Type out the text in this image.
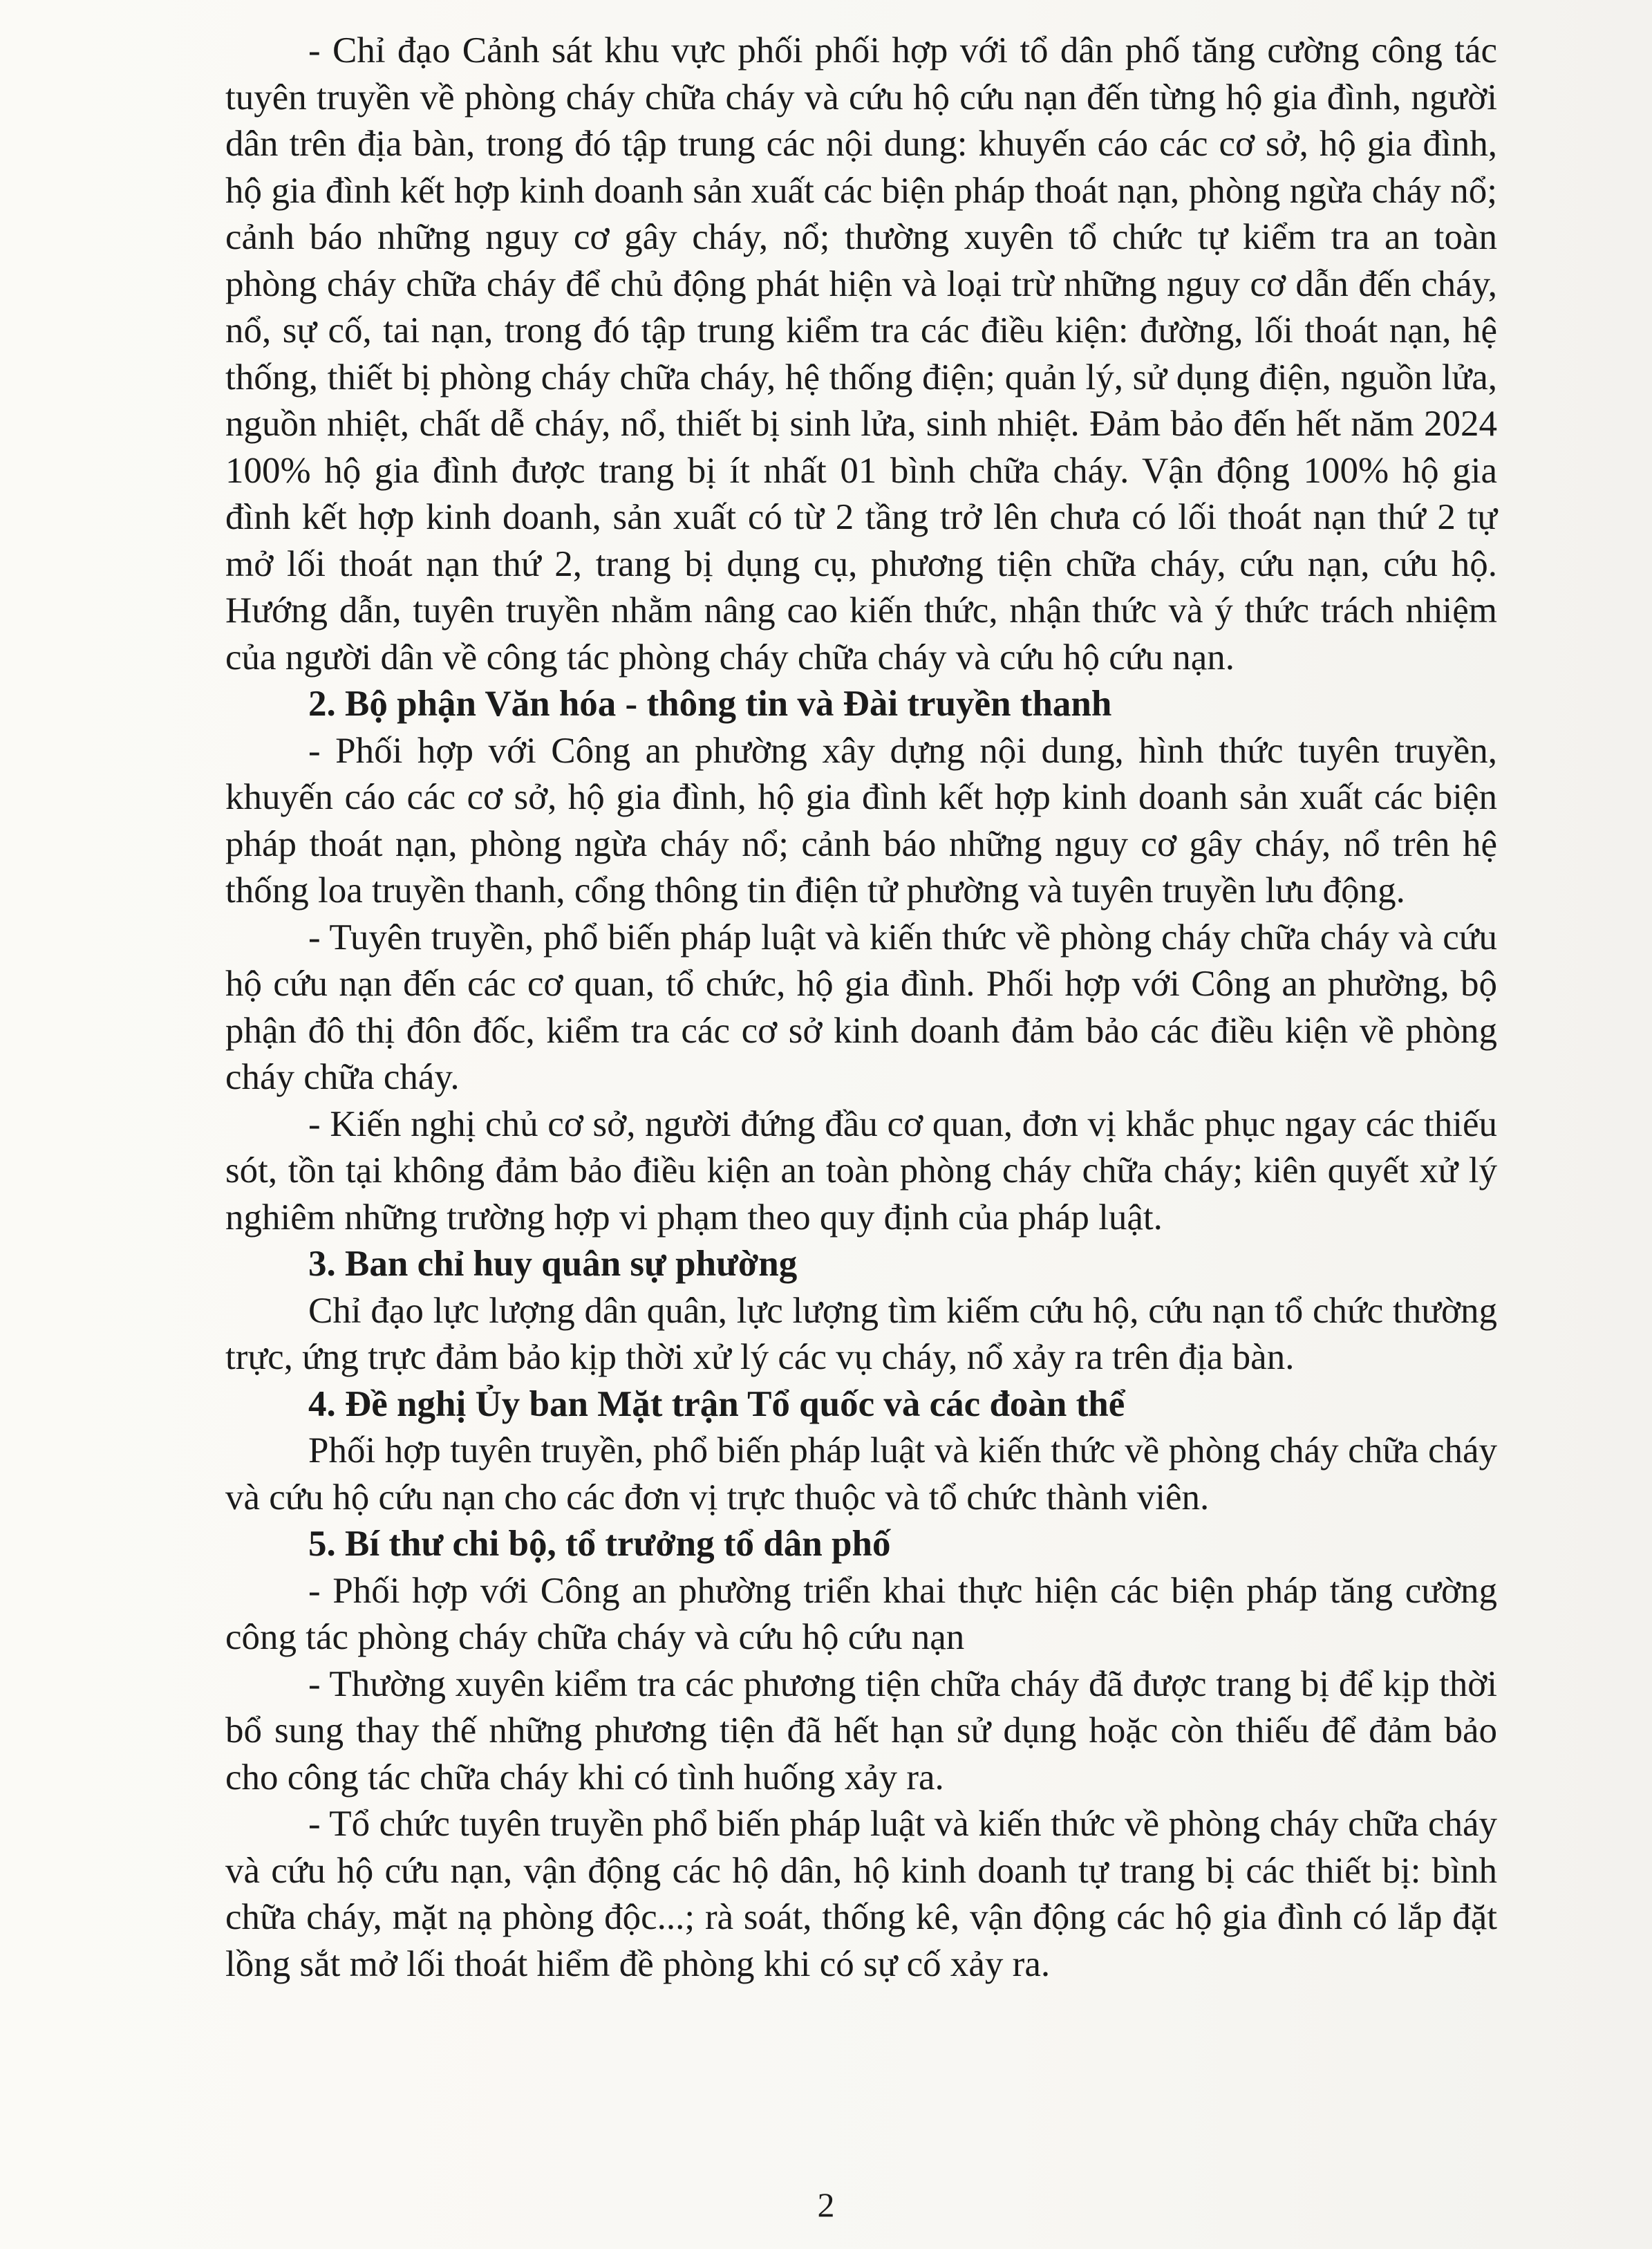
- Chỉ đạo Cảnh sát khu vực phối phối hợp với tổ dân phố tăng cường công tác tuyên truyền về phòng cháy chữa cháy và cứu hộ cứu nạn đến từng hộ gia đình, người dân trên địa bàn, trong đó tập trung các nội dung: khuyến cáo các cơ sở, hộ gia đình, hộ gia đình kết hợp kinh doanh sản xuất các biện pháp thoát nạn, phòng ngừa cháy nổ; cảnh báo những nguy cơ gây cháy, nổ; thường xuyên tổ chức tự kiểm tra an toàn phòng cháy chữa cháy để chủ động phát hiện và loại trừ những nguy cơ dẫn đến cháy, nổ, sự cố, tai nạn, trong đó tập trung kiểm tra các điều kiện: đường, lối thoát nạn, hệ thống, thiết bị phòng cháy chữa cháy, hệ thống điện; quản lý, sử dụng điện, nguồn lửa, nguồn nhiệt, chất dễ cháy, nổ, thiết bị sinh lửa, sinh nhiệt. Đảm bảo đến hết năm 2024 100% hộ gia đình được trang bị ít nhất 01 bình chữa cháy. Vận động 100% hộ gia đình kết hợp kinh doanh, sản xuất có từ 2 tầng trở lên chưa có lối thoát nạn thứ 2 tự mở lối thoát nạn thứ 2, trang bị dụng cụ, phương tiện chữa cháy, cứu nạn, cứu hộ. Hướng dẫn, tuyên truyền nhằm nâng cao kiến thức, nhận thức và ý thức trách nhiệm của người dân về công tác phòng cháy chữa cháy và cứu hộ cứu nạn.

2. Bộ phận Văn hóa - thông tin và Đài truyền thanh

- Phối hợp với Công an phường xây dựng nội dung, hình thức tuyên truyền, khuyến cáo các cơ sở, hộ gia đình, hộ gia đình kết hợp kinh doanh sản xuất các biện pháp thoát nạn, phòng ngừa cháy nổ; cảnh báo những nguy cơ gây cháy, nổ trên hệ thống loa truyền thanh, cổng thông tin điện tử phường và tuyên truyền lưu động.

- Tuyên truyền, phổ biến pháp luật và kiến thức về phòng cháy chữa cháy và cứu hộ cứu nạn đến các cơ quan, tổ chức, hộ gia đình. Phối hợp với Công an phường, bộ phận đô thị đôn đốc, kiểm tra các cơ sở kinh doanh đảm bảo các điều kiện về phòng cháy chữa cháy.

- Kiến nghị chủ cơ sở, người đứng đầu cơ quan, đơn vị khắc phục ngay các thiếu sót, tồn tại không đảm bảo điều kiện an toàn phòng cháy chữa cháy; kiên quyết xử lý nghiêm những trường hợp vi phạm theo quy định của pháp luật.

3. Ban chỉ huy quân sự phường

Chỉ đạo lực lượng dân quân, lực lượng tìm kiếm cứu hộ, cứu nạn tổ chức thường trực, ứng trực đảm bảo kịp thời xử lý các vụ cháy, nổ xảy ra trên địa bàn.

4. Đề nghị Ủy ban Mặt trận Tổ quốc và các đoàn thể

Phối hợp tuyên truyền, phổ biến pháp luật và kiến thức về phòng cháy chữa cháy và cứu hộ cứu nạn cho các đơn vị trực thuộc và tổ chức thành viên.

5. Bí thư chi bộ, tổ trưởng tổ dân phố

- Phối hợp với Công an phường triển khai thực hiện các biện pháp tăng cường công tác phòng cháy chữa cháy và cứu hộ cứu nạn

- Thường xuyên kiểm tra các phương tiện chữa cháy đã được trang bị để kịp thời bổ sung thay thế những phương tiện đã hết hạn sử dụng hoặc còn thiếu để đảm bảo cho công tác chữa cháy khi có tình huống xảy ra.

- Tổ chức tuyên truyền phổ biến pháp luật và kiến thức về phòng cháy chữa cháy và cứu hộ cứu nạn, vận động các hộ dân, hộ kinh doanh tự trang bị các thiết bị: bình chữa cháy, mặt nạ phòng độc...; rà soát, thống kê, vận động các hộ gia đình có lắp đặt lồng sắt mở lối thoát hiểm đề phòng khi có sự cố xảy ra.

2
